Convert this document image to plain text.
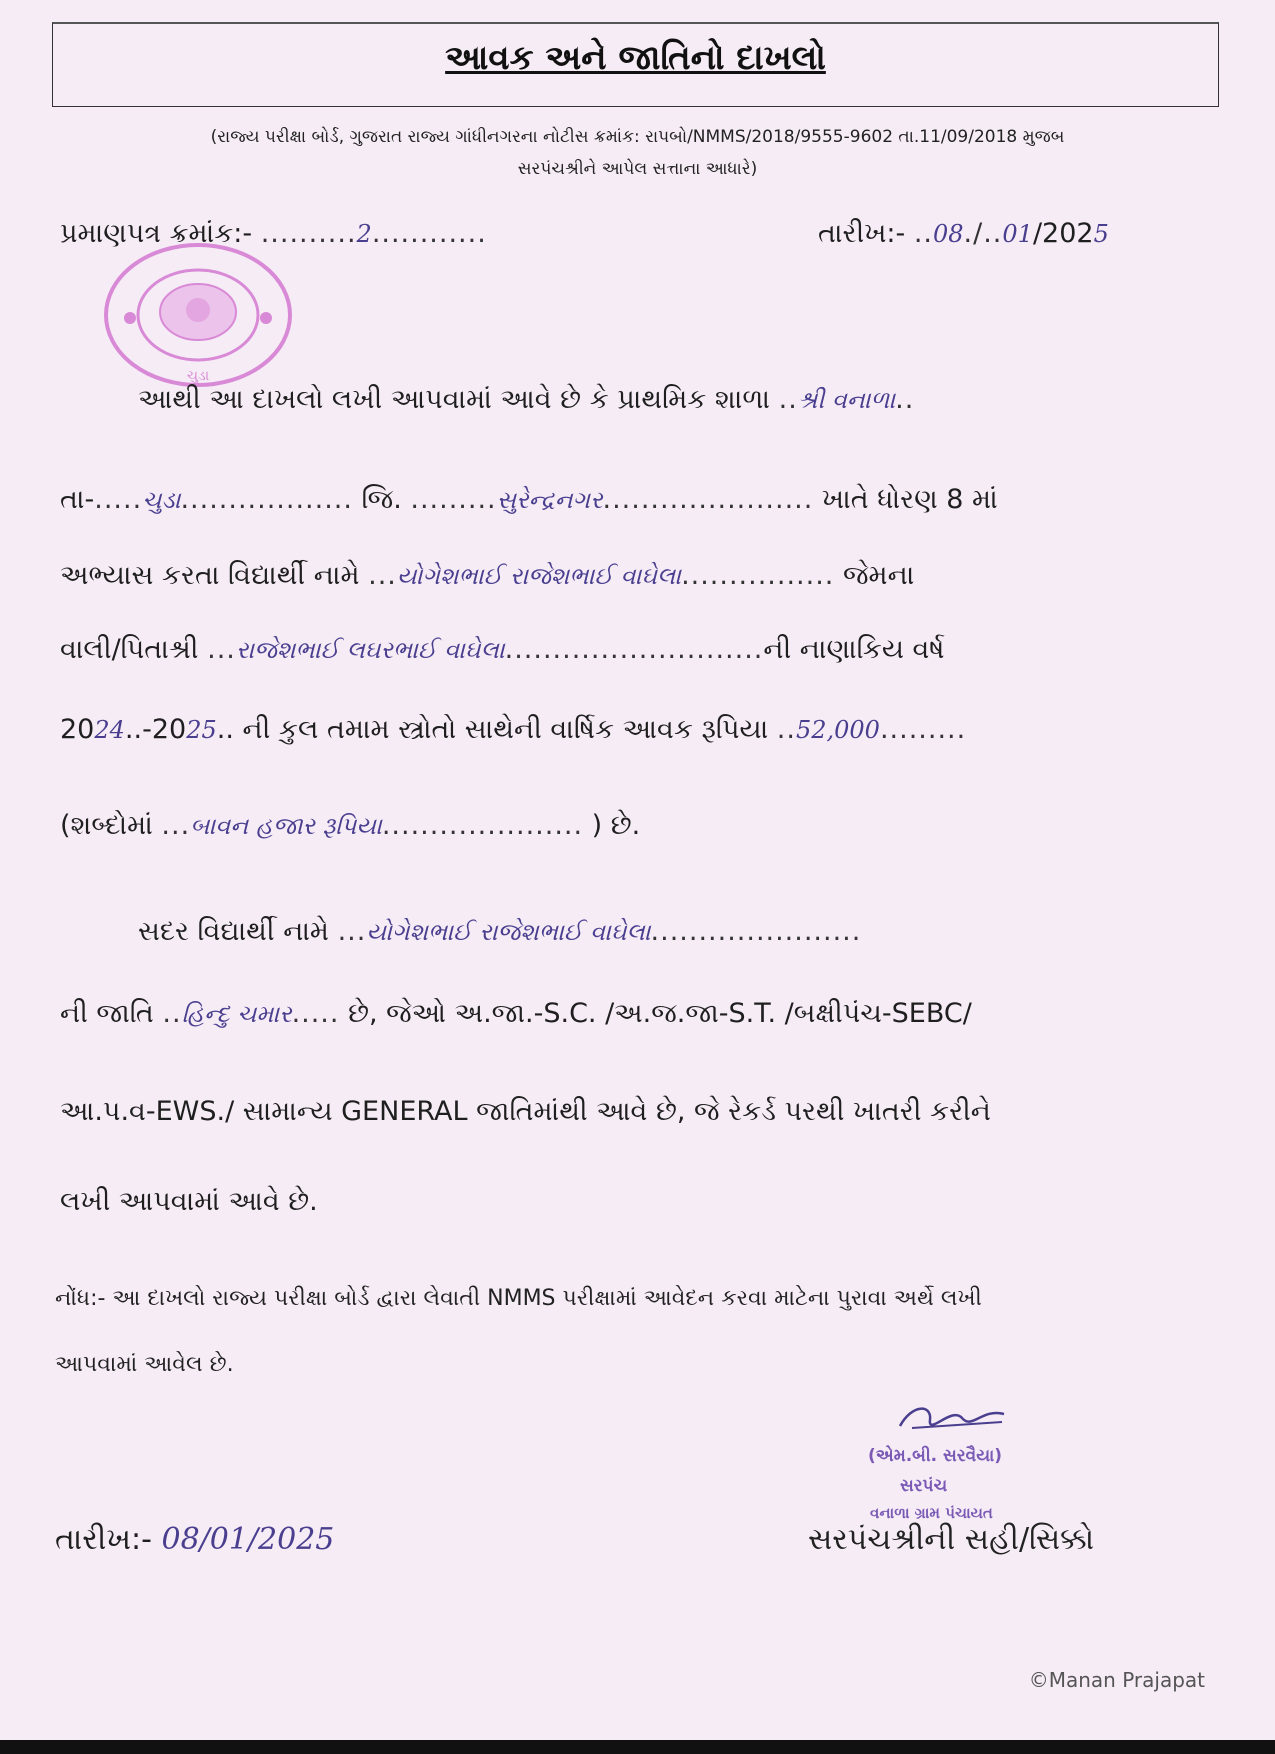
આવક અને જાતિનો દાખલો
(રાજ્ય પરીક્ષા બોર્ડ, ગુજરાત રાજ્ય ગાંધીનગરના નોટીસ ક્રમાંક: રાપબો/NMMS/2018/9555-9602 તા.11/09/2018 મુજબ
સરપંચશ્રીને આપેલ સત્તાના આધારે)
ચુડા
પ્રમાણપત્ર ક્રમાંક:- ..........2............	તારીખ:- ..08./..01/2025
આથી આ દાખલો લખી આપવામાં આવે છે કે પ્રાથમિક શાળા ..શ્રી વનાળા..
તા-.....ચુડા.................. જિ. .........સુરેન્દ્રનગર...................... ખાતે ધોરણ 8 માં
અભ્યાસ કરતા વિદ્યાર્થી નામે ...યોગેશભાઈ રાજેશભાઈ વાઘેલા................ જેમના
વાલી/પિતાશ્રી ...રાજેશભાઈ લઘરભાઈ વાઘેલા...........................ની નાણાકિય વર્ષ
2024..-2025.. ની કુલ તમામ સ્ત્રોતો સાથેની વાર્ષિક આવક રૂપિયા ..52,000.........
(શબ્દોમાં ...બાવન હજાર રૂપિયા..................... ) છે.
સદર વિદ્યાર્થી નામે ...યોગેશભાઈ રાજેશભાઈ વાઘેલા......................
ની જાતિ ..હિન્દુ ચમાર..... છે, જેઓ અ.જા.-S.C. /અ.જ.જા-S.T. /બક્ષીપંચ-SEBC/
આ.પ.વ-EWS./ સામાન્ય GENERAL જાતિમાંથી આવે છે, જે રેકર્ડ પરથી ખાતરી કરીને
લખી આપવામાં આવે છે.
નોંધ:- આ દાખલો રાજ્ય પરીક્ષા બોર્ડ દ્વારા લેવાતી NMMS પરીક્ષામાં આવેદન કરવા માટેના પુરાવા અર્થે લખી
આપવામાં આવેલ છે.
(એમ.બી. સરવૈયા)
સરપંચ
વનાળા ગ્રામ પંચાયત
તારીખ:- 08/01/2025	સરપંચશ્રીની સહી/સિક્કો
©Manan Prajapat
